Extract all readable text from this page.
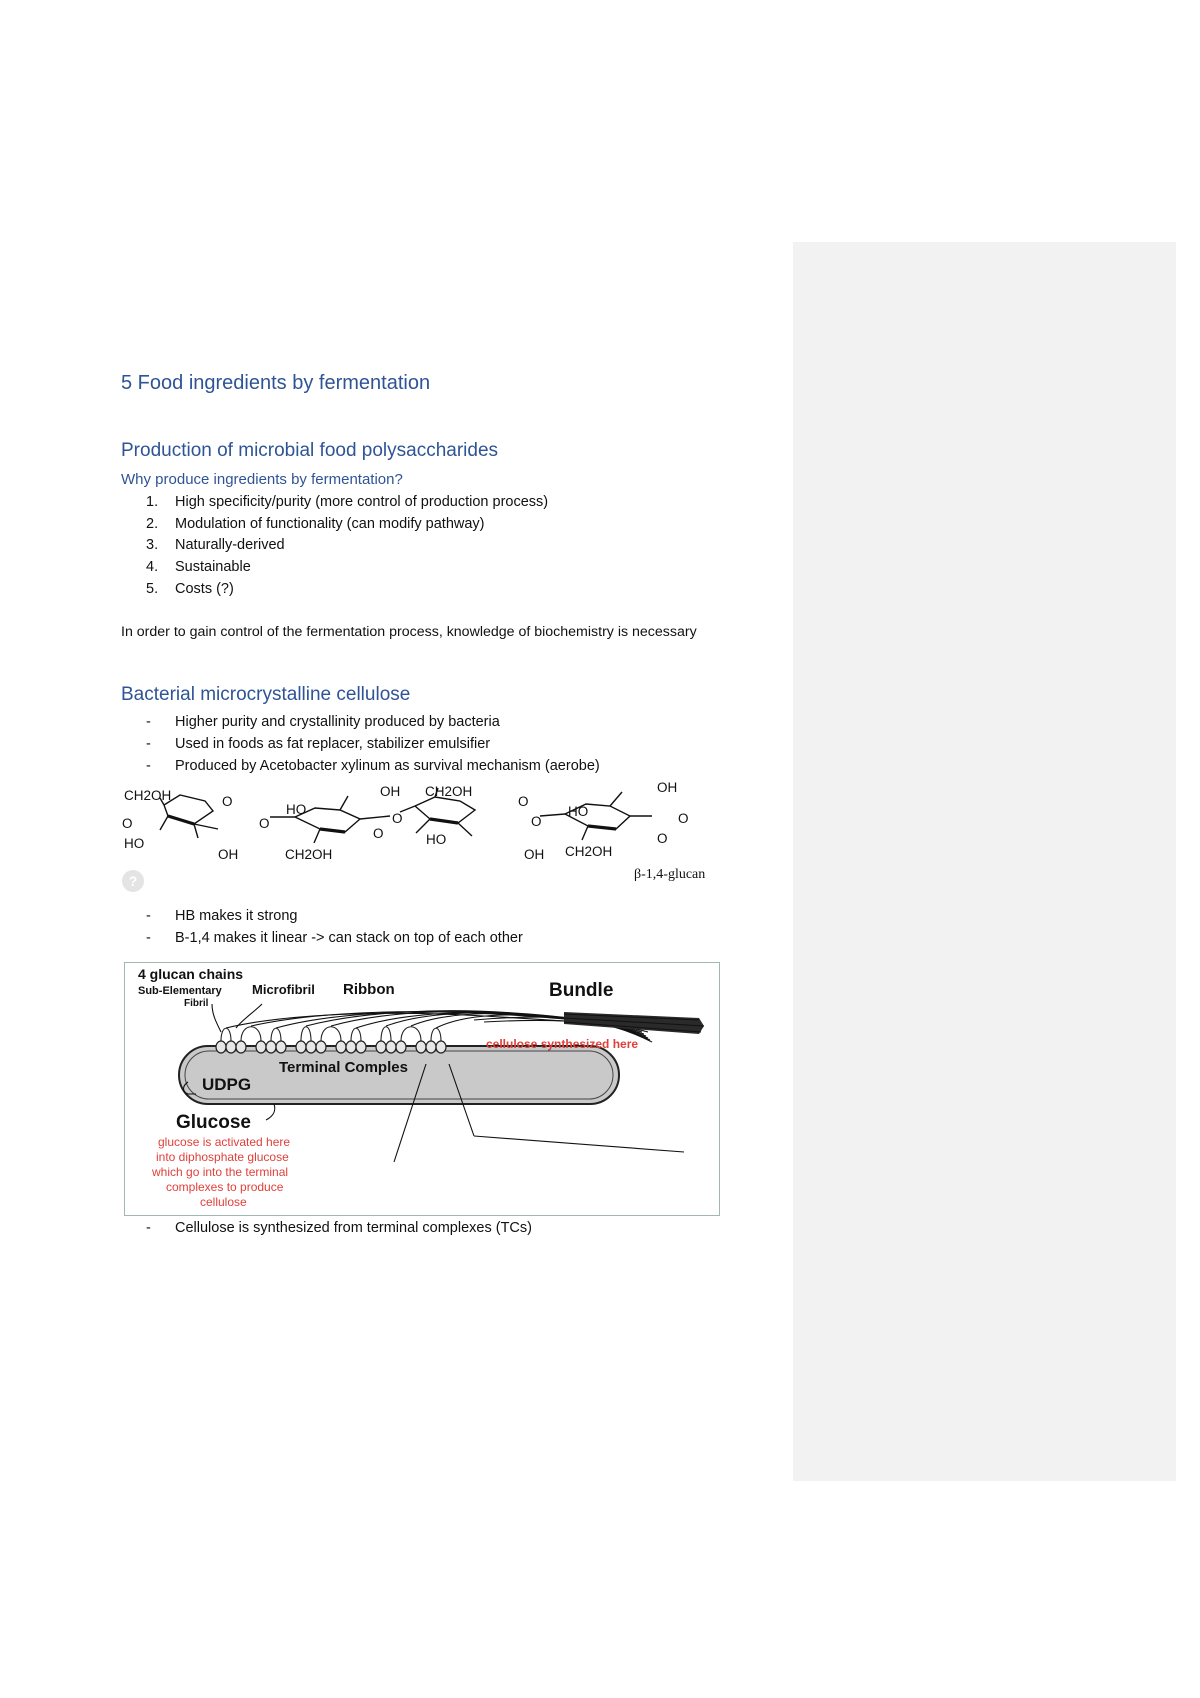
5 Food ingredients by fermentation
Production of microbial food polysaccharides
Why produce ingredients by fermentation?
1. High specificity/purity (more control of production process)
2. Modulation of functionality (can modify pathway)
3. Naturally-derived
4. Sustainable
5. Costs (?)
In order to gain control of the fermentation process, knowledge of biochemistry is necessary
Bacterial microcrystalline cellulose
- Higher purity and crystallinity produced by bacteria
- Used in foods as fat replacer, stabilizer emulsifier
- Produced by Acetobacter xylinum as survival mechanism (aerobe)
CH2OH	O
O
HO
OH
O
HO
CH2OH
O
OH
O
CH2OH
O
HO
OH
HO
O
CH2OH
O
O
OH
β-1,4-glucan
?
- HB makes it strong
- B-1,4 makes it linear -> can stack on top of each other
4 glucan chains
Sub-Elementary
Fibril
Microfibril Ribbon	Bundle
Terminal Comples
UDPG
Glucose
cellulose synthesized here
glucose is activated here
into diphosphate glucose
which go into the terminal
complexes to produce
cellulose
- Cellulose is synthesized from terminal complexes (TCs)
